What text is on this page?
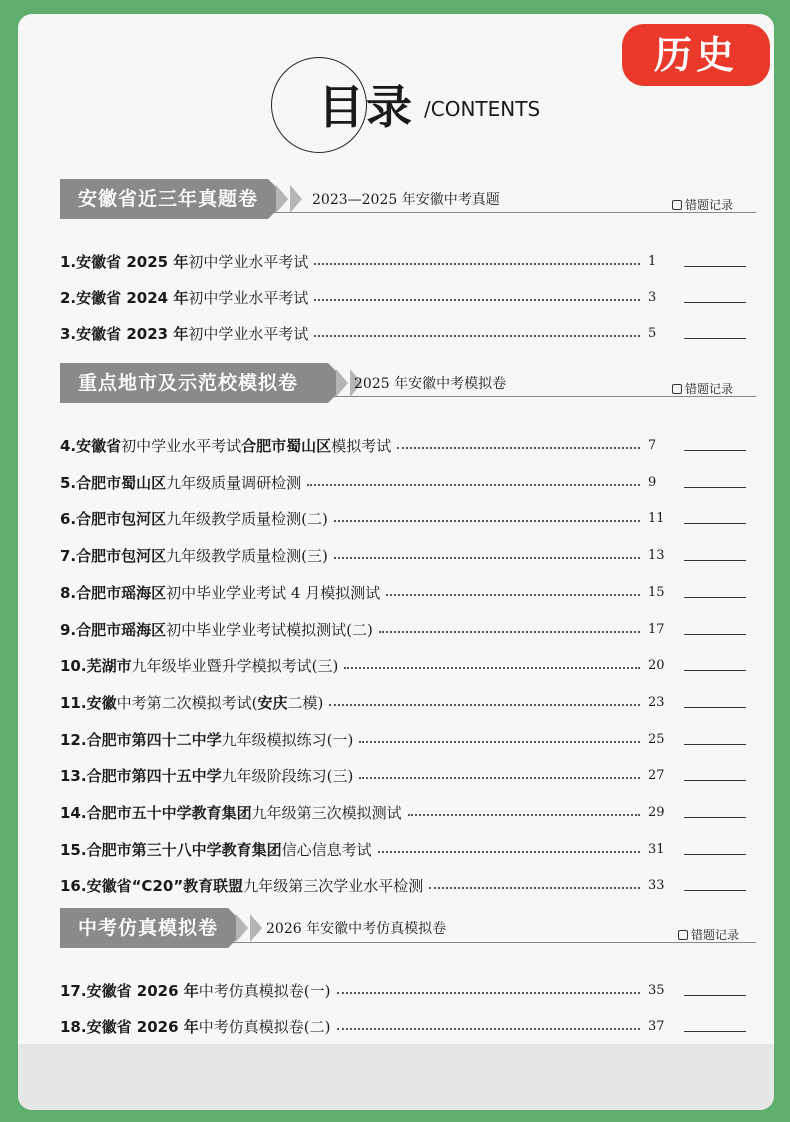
历史
目录 /CONTENTS
安徽省近三年真题卷	2023—2025 年安徽中考真题	错题记录
1.安徽省 2025 年初中学业水平考试	1
2.安徽省 2024 年初中学业水平考试	3
3.安徽省 2023 年初中学业水平考试	5
重点地市及示范校模拟卷	2025 年安徽中考模拟卷	错题记录
4.安徽省初中学业水平考试合肥市蜀山区模拟考试	7
5.合肥市蜀山区九年级质量调研检测	9
6.合肥市包河区九年级教学质量检测(二)	11
7.合肥市包河区九年级教学质量检测(三)	13
8.合肥市瑶海区初中毕业学业考试 4 月模拟测试	15
9.合肥市瑶海区初中毕业学业考试模拟测试(二)	17
10.芜湖市九年级毕业暨升学模拟考试(三)	20
11.安徽中考第二次模拟考试(安庆二模)	23
12.合肥市第四十二中学九年级模拟练习(一)	25
13.合肥市第四十五中学九年级阶段练习(三)	27
14.合肥市五十中学教育集团九年级第三次模拟测试	29
15.合肥市第三十八中学教育集团信心信息考试	31
16.安徽省“C20”教育联盟九年级第三次学业水平检测	33
中考仿真模拟卷	2026 年安徽中考仿真模拟卷	错题记录
17.安徽省 2026 年中考仿真模拟卷(一)	35
18.安徽省 2026 年中考仿真模拟卷(二)	37
